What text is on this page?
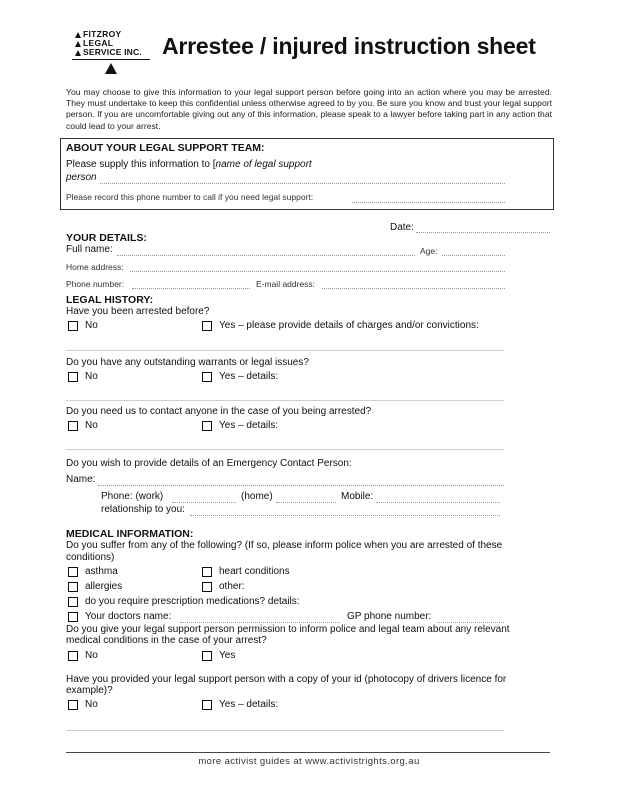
FITZROY
LEGAL
SERVICE INC. Arrestee / injured instruction sheet
You may choose to give this information to your legal support person before going into an action where you may be arrested. They must undertake to keep this confidential unless otherwise agreed to by you. Be sure you know and trust your legal support person. If you are uncomfortable giving out any of this information, please speak to a lawyer before taking part in any action that could lead to your arrest.
ABOUT YOUR LEGAL SUPPORT TEAM:
Please supply this information to [name of legal support
person
Please record this phone number to call if you need legal support:
Date:
YOUR DETAILS:
Full name:	Age:
Home address:
Phone number:	E-mail address:
LEGAL HISTORY:
Have you been arrested before?
No	Yes – please provide details of charges and/or convictions:
Do you have any outstanding warrants or legal issues?
No	Yes – details:
Do you need us to contact anyone in the case of you being arrested?
No	Yes – details:
Do you wish to provide details of an Emergency Contact Person:
Name:
Phone: (work)	(home)	Mobile:
relationship to you:
MEDICAL INFORMATION:
Do you suffer from any of the following? (If so, please inform police when you are arrested of these conditions)
asthma	heart conditions
allergies	other:
do you require prescription medications? details:
Your doctors name:	GP phone number:
Do you give your legal support person permission to inform police and legal team about any relevant medical conditions in the case of your arrest?
No	Yes
Have you provided your legal support person with a copy of your id (photocopy of drivers licence for example)?
No	Yes – details:
more activist guides at www.activistrights.org.au
